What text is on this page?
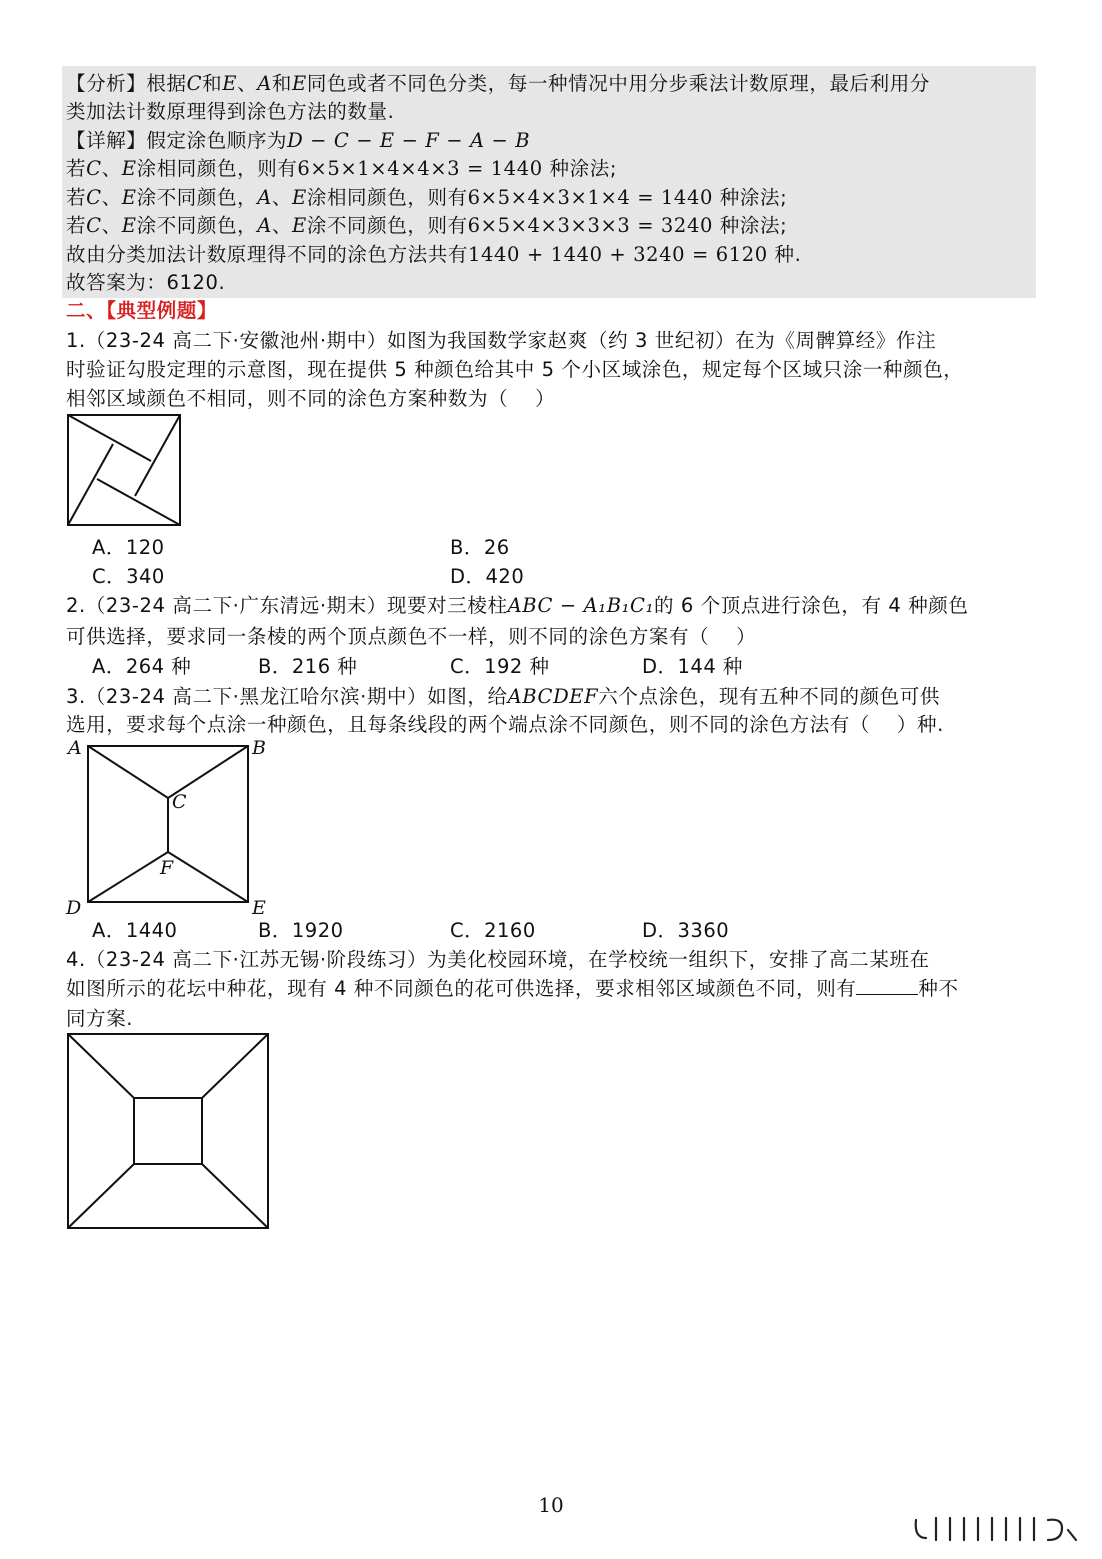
【分析】根据C和E、A和E同色或者不同色分类，每一种情况中用分步乘法计数原理，最后利用分
类加法计数原理得到涂色方法的数量.
【详解】假定涂色顺序为D − C − E − F − A − B
若C、E涂相同颜色，则有6×5×1×4×4×3 = 1440 种涂法;
若C、E涂不同颜色，A、E涂相同颜色，则有6×5×4×3×1×4 = 1440 种涂法;
若C、E涂不同颜色，A、E涂不同颜色，则有6×5×4×3×3×3 = 3240 种涂法;
故由分类加法计数原理得不同的涂色方法共有1440 + 1440 + 3240 = 6120 种.
故答案为：6120.
二、【典型例题】
1.（23-24 高二下·安徽池州·期中）如图为我国数学家赵爽（约 3 世纪初）在为《周髀算经》作注
时验证勾股定理的示意图，现在提供 5 种颜色给其中 5 个小区域涂色，规定每个区域只涂一种颜色，
相邻区域颜色不相同，则不同的涂色方案种数为（　 ）
A．120	B．26
C．340	D．420
2.（23-24 高二下·广东清远·期末）现要对三棱柱ABC − A₁B₁C₁的 6 个顶点进行涂色，有 4 种颜色
可供选择，要求同一条棱的两个顶点颜色不一样，则不同的涂色方案有（　 ）
A．264 种	B．216 种	C．192 种	D．144 种
3.（23-24 高二下·黑龙江哈尔滨·期中）如图，给ABCDEF六个点涂色，现有五种不同的颜色可供
选用，要求每个点涂一种颜色，且每条线段的两个端点涂不同颜色，则不同的涂色方法有（　 ）种.
A	B
C
D	E
F
A．1440	B．1920	C．2160	D．3360
4.（23-24 高二下·江苏无锡·阶段练习）为美化校园环境，在学校统一组织下，安排了高二某班在
如图所示的花坛中种花，现有 4 种不同颜色的花可供选择，要求相邻区域颜色不同，则有	种不
同方案.
10
